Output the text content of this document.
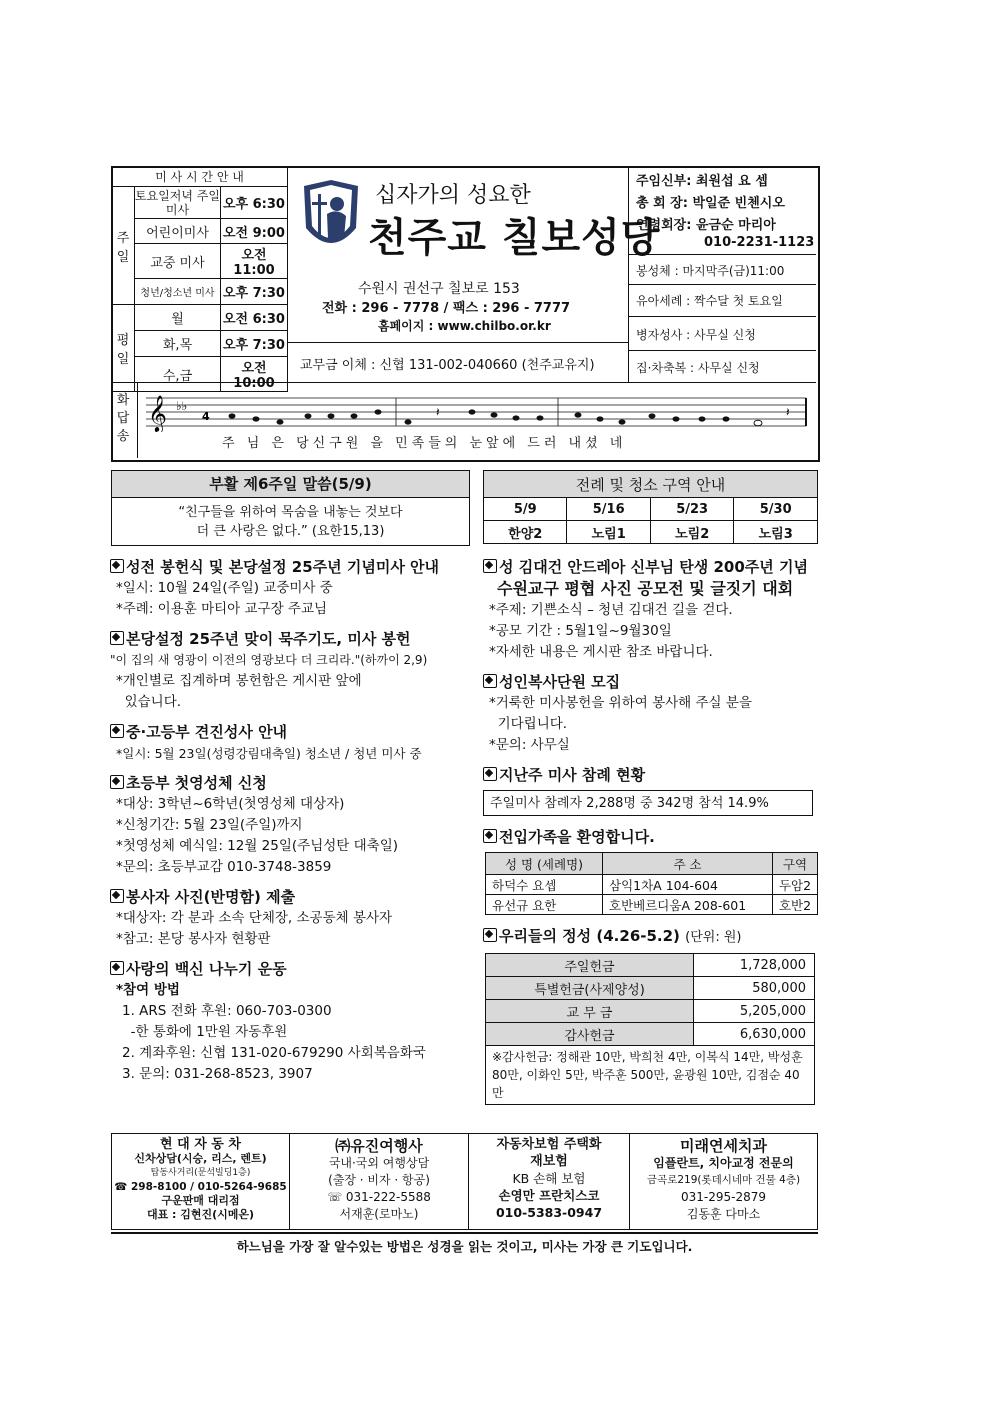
미 사 시 간 안 내		
주일	토요일저녁 주일미사	오후 6:30
	어린이미사	오전 9:00
	교중 미사	오전11:00
	청년/청소년 미사	오후 7:30
평일	월	오전 6:30
	화,목	오후 7:30
	수,금	오전10:00
십자가의 성요한
천주교 칠보성당
수원시 권선구 칠보로 153
전화 : 296 - 7778 / 팩스 : 296 - 7777
홈페이지 : www.chilbo.or.kr
교무금 이체 : 신협 131-002-040660 (천주교유지)
주임신부: 최원섭 요 셉
총 회 장: 박일준 빈첸시오
연령회장: 윤금순 마리아
010-2231-1123
봉성체 : 마지막주(금)11:00
유아세례 : 짝수달 첫 토요일
병자성사 : 사무실 신청
집·차축복 : 사무실 신청
화답송
𝄞 ♭♭
4	𝄽	𝄽
주 님 은 당신구원 을 민족들의 눈앞에 드러 내셨 네
부활 제6주일 말씀(5/9)
“친구들을 위하여 목숨을 내놓는 것보다
더 큰 사랑은 없다.” (요한15,13)
전례 및 청소 구역 안내			
5/9	5/16	5/23	5/30
한양2	노림1	노림2	노림3
성전 봉헌식 및 본당설정 25주년 기념미사 안내
*일시: 10월 24일(주일) 교중미사 중
*주례: 이용훈 마티아 교구장 주교님
본당설정 25주년 맞이 묵주기도, 미사 봉헌
"이 집의 새 영광이 이전의 영광보다 더 크리라."(하까이 2,9)
*개인별로 집계하며 봉헌함은 게시판 앞에
있습니다.
중·고등부 견진성사 안내
*일시: 5월 23일(성령강림대축일) 청소년 / 청년 미사 중
초등부 첫영성체 신청
*대상: 3학년~6학년(첫영성체 대상자)
*신청기간: 5월 23일(주일)까지
*첫영성체 예식일: 12월 25일(주님성탄 대축일)
*문의: 초등부교감 010-3748-3859
봉사자 사진(반명함) 제출
*대상자: 각 분과 소속 단체장, 소공동체 봉사자
*참고: 본당 봉사자 현황판
사랑의 백신 나누기 운동
*참여 방법
1. ARS 전화 후원: 060-703-0300
-한 통화에 1만원 자동후원
2. 계좌후원: 신협 131-020-679290 사회복음화국
3. 문의: 031-268-8523, 3907
성 김대건 안드레아 신부님 탄생 200주년 기념
수원교구 평협 사진 공모전 및 글짓기 대회
*주제: 기쁜소식 – 청년 김대건 길을 걷다.
*공모 기간 : 5월1일~9월30일
*자세한 내용은 게시판 참조 바랍니다.
성인복사단원 모집
*거룩한 미사봉헌을 위하여 봉사해 주실 분을
기다립니다.
*문의: 사무실
지난주 미사 참례 현황
주일미사 참례자 2,288명 중 342명 참석 14.9%
전입가족을 환영합니다.
성 명 (세례명)	주 소	구역
하덕수 요셉	삼익1차A 104-604	두암2
유선규 요한	호반베르디움A 208-601	호반2
우리들의 정성 (4.26-5.2) (단위: 원)
주일헌금	1,728,000
특별헌금(사제양성)	580,000
교 무 금	5,205,000
감사헌금	6,630,000
※감사헌금: 정해관 10만, 박희천 4만, 이복식 14만, 박성훈 80만, 이화인 5만, 박주훈 500만, 윤광원 10만, 김점순 40만	
현 대 자 동 차
신차상담(시승, 리스, 렌트)
탑동사거리(문석빌딩1층)
☎ 298-8100 / 010-5264-9685
구운판매 대리점
대표 : 김현진(시메온)
㈜유진여행사
국내·국외 여행상담
(출장 · 비자 · 항공)
☏ 031-222-5588
서재훈(로마노)
자동차보험 주택화재보험
KB 손해 보험
손영만 프란치스코
010-5383-0947
미래연세치과
임플란트, 치아교정 전문의
금곡로219(롯데시네마 건물 4층)
031-295-2879
김동훈 다마소
하느님을 가장 잘 알수있는 방법은 성경을 읽는 것이고, 미사는 가장 큰 기도입니다.
